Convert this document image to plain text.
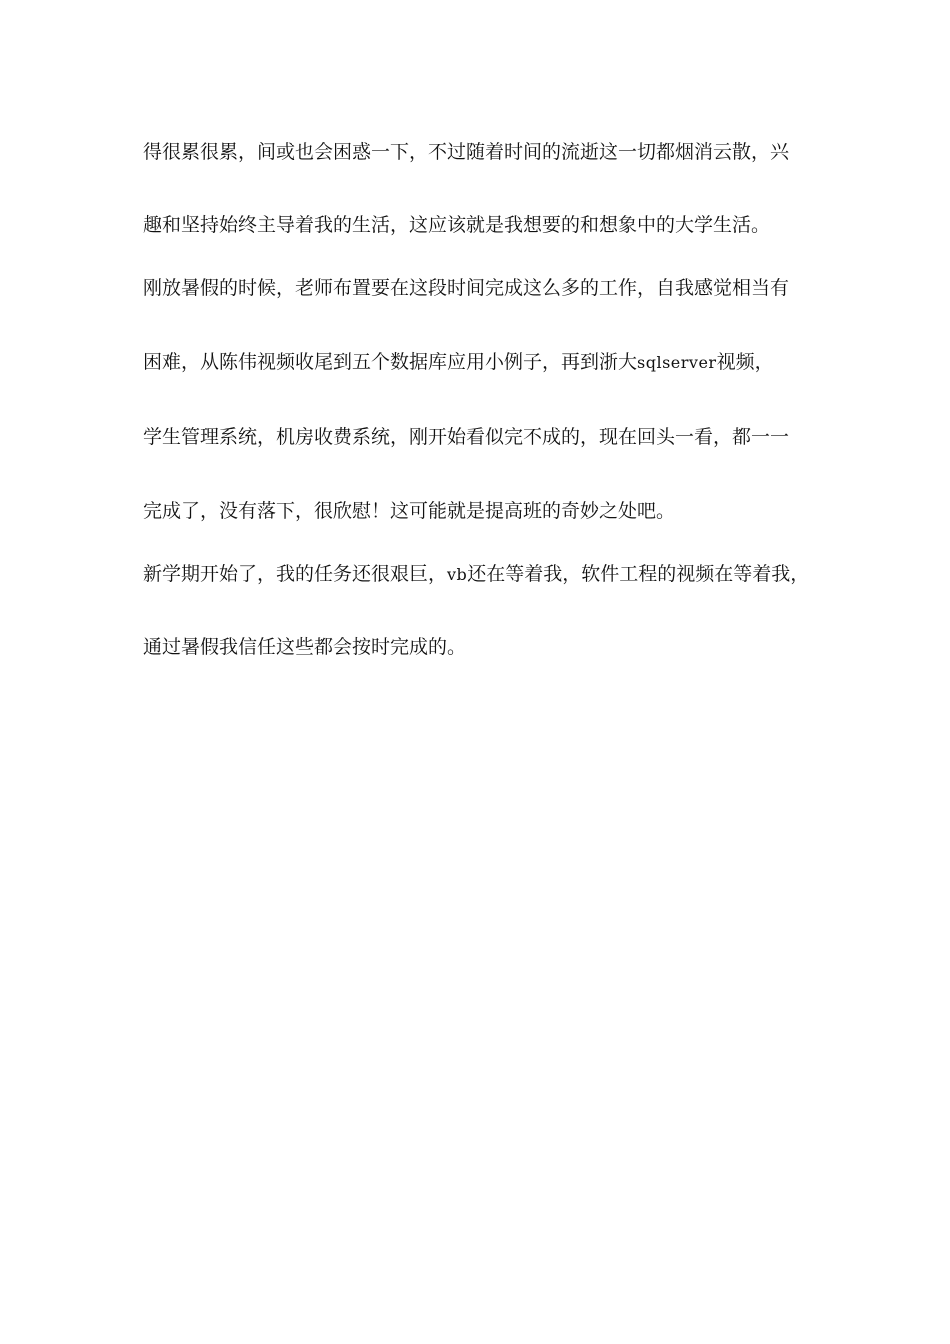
得很累很累，间或也会困惑一下，不过随着时间的流逝这一切都烟消云散，兴
趣和坚持始终主导着我的生活，这应该就是我想要的和想象中的大学生活。
刚放暑假的时候，老师布置要在这段时间完成这么多的工作，自我感觉相当有
困难，从陈伟视频收尾到五个数据库应用小例子，再到浙大sqlserver视频，
学生管理系统，机房收费系统，刚开始看似完不成的，现在回头一看，都一一
完成了，没有落下，很欣慰！这可能就是提高班的奇妙之处吧。
新学期开始了，我的任务还很艰巨，vb还在等着我，软件工程的视频在等着我，
通过暑假我信任这些都会按时完成的。
